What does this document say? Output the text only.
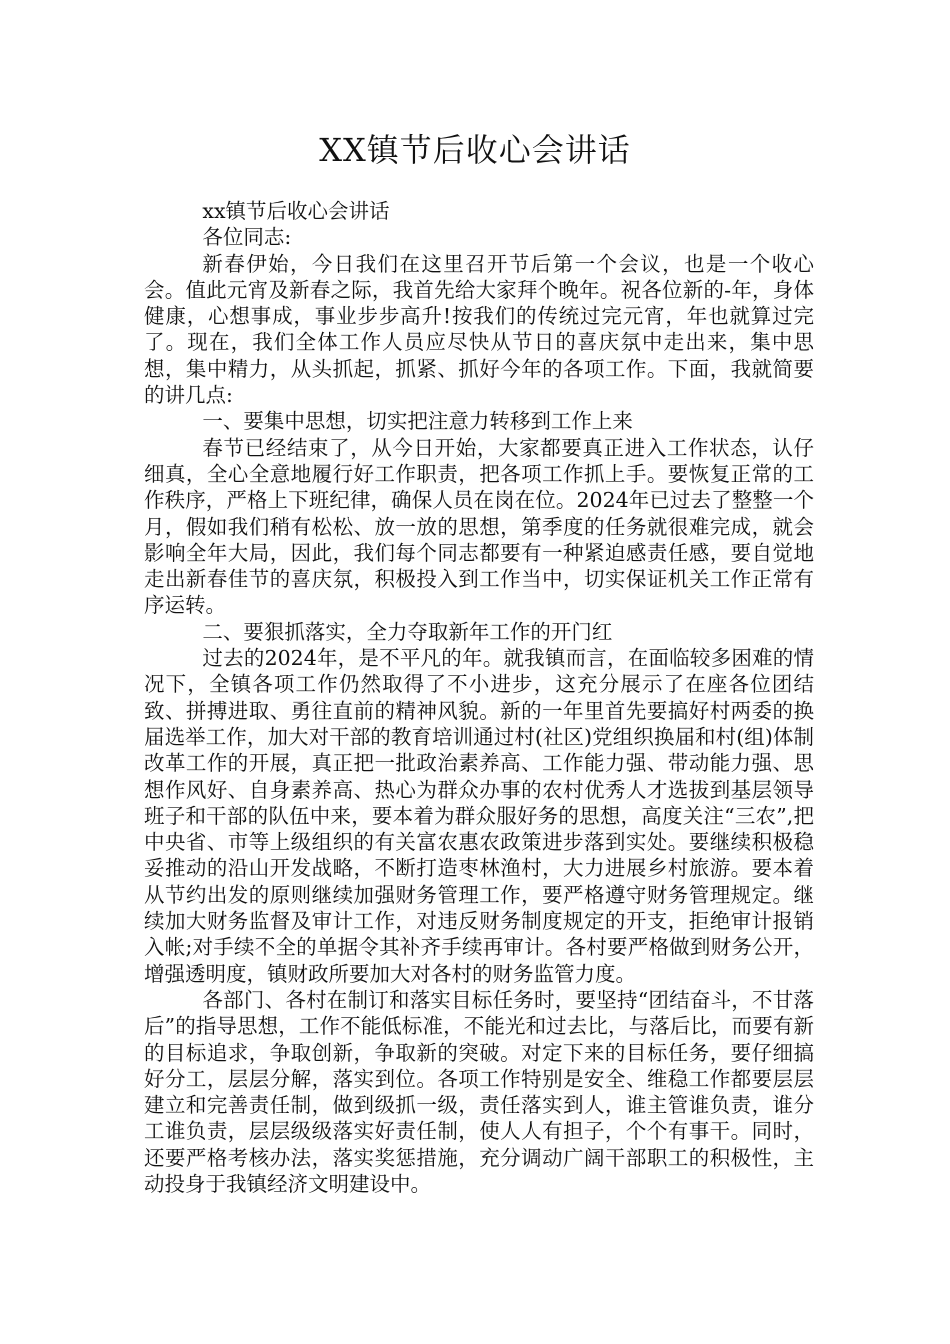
XX镇节后收心会讲话

xx镇节后收心会讲话

各位同志:

新春伊始，今日我们在这里召开节后第一个会议，也是一个收心会。值此元宵及新春之际，我首先给大家拜个晚年。祝各位新的-年，身体健康，心想事成，事业步步高升!按我们的传统过完元宵，年也就算过完了。现在，我们全体工作人员应尽快从节日的喜庆氛中走出来，集中思想，集中精力，从头抓起，抓紧、抓好今年的各项工作。下面，我就简要的讲几点:

一、要集中思想，切实把注意力转移到工作上来

春节已经结束了，从今日开始，大家都要真正进入工作状态，认仔细真，全心全意地履行好工作职责，把各项工作抓上手。要恢复正常的工作秩序，严格上下班纪律，确保人员在岗在位。2024年已过去了整整一个月，假如我们稍有松松、放一放的思想，第季度的任务就很难完成，就会影响全年大局，因此，我们每个同志都要有一种紧迫感责任感，要自觉地走出新春佳节的喜庆氛，积极投入到工作当中，切实保证机关工作正常有序运转。

二、要狠抓落实，全力夺取新年工作的开门红

过去的2024年，是不平凡的年。就我镇而言，在面临较多困难的情况下，全镇各项工作仍然取得了不小进步，这充分展示了在座各位团结致、拼搏进取、勇往直前的精神风貌。新的一年里首先要搞好村两委的换届选举工作，加大对干部的教育培训通过村(社区)党组织换届和村(组)体制改革工作的开展，真正把一批政治素养高、工作能力强、带动能力强、思想作风好、自身素养高、热心为群众办事的农村优秀人才选拔到基层领导班子和干部的队伍中来，要本着为群众服好务的思想，高度关注“三农”,把中央省、市等上级组织的有关富农惠农政策进步落到实处。要继续积极稳妥推动的沿山开发战略，不断打造枣林渔村，大力进展乡村旅游。要本着从节约出发的原则继续加强财务管理工作，要严格遵守财务管理规定。继续加大财务监督及审计工作，对违反财务制度规定的开支，拒绝审计报销入帐;对手续不全的单据令其补齐手续再审计。各村要严格做到财务公开，增强透明度，镇财政所要加大对各村的财务监管力度。

各部门、各村在制订和落实目标任务时，要坚持“团结奋斗，不甘落后”的指导思想，工作不能低标准，不能光和过去比，与落后比，而要有新的目标追求，争取创新，争取新的突破。对定下来的目标任务，要仔细搞好分工，层层分解，落实到位。各项工作特别是安全、维稳工作都要层层建立和完善责任制，做到级抓一级，责任落实到人，谁主管谁负责，谁分工谁负责，层层级级落实好责任制，使人人有担子，个个有事干。同时，还要严格考核办法，落实奖惩措施，充分调动广阔干部职工的积极性，主动投身于我镇经济文明建设中。
